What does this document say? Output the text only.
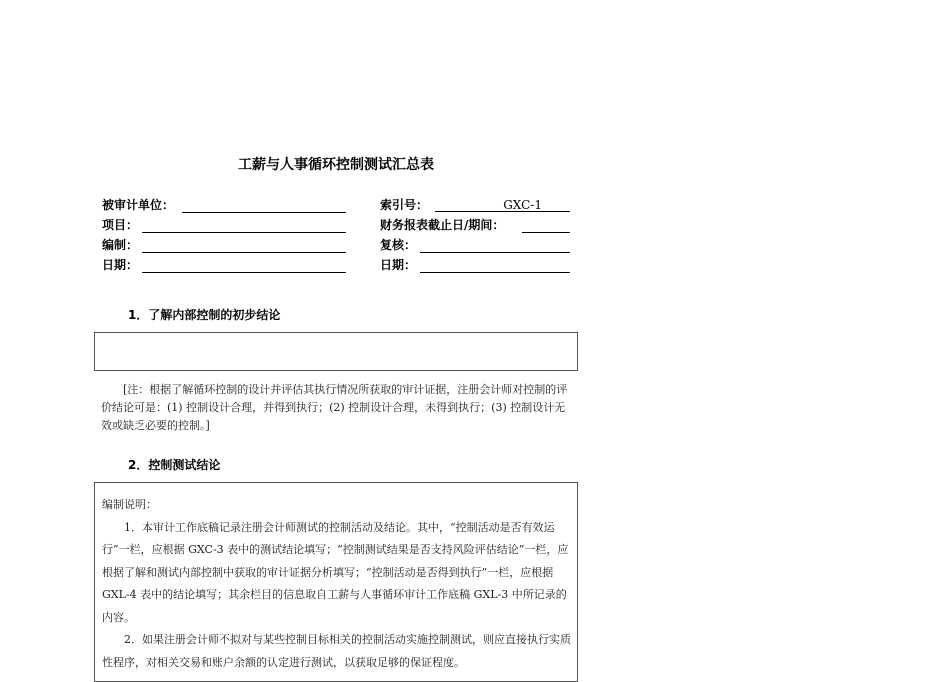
工薪与人事循环控制测试汇总表
被审计单位：	索引号：	GXC-1
项目：	财务报表截止日/期间：
编制：	复核：
日期：	日期：
1．了解内部控制的初步结论
[注：根据了解循环控制的设计并评估其执行情况所获取的审计证据，注册会计师对控制的评价结论可是：(1) 控制设计合理，并得到执行；(2) 控制设计合理，未得到执行；(3) 控制设计无效或缺乏必要的控制。]
2．控制测试结论
编制说明：
1．本审计工作底稿记录注册会计师测试的控制活动及结论。其中，“控制活动是否有效运行”一栏，应根据 GXC-3 表中的测试结论填写；“控制测试结果是否支持风险评估结论”一栏，应根据了解和测试内部控制中获取的审计证据分析填写；“控制活动是否得到执行”一栏，应根据 GXL-4 表中的结论填写；其余栏目的信息取自工薪与人事循环审计工作底稿 GXL-3 中所记录的内容。
2．如果注册会计师不拟对与某些控制目标相关的控制活动实施控制测试，则应直接执行实质性程序，对相关交易和账户余额的认定进行测试，以获取足够的保证程度。
